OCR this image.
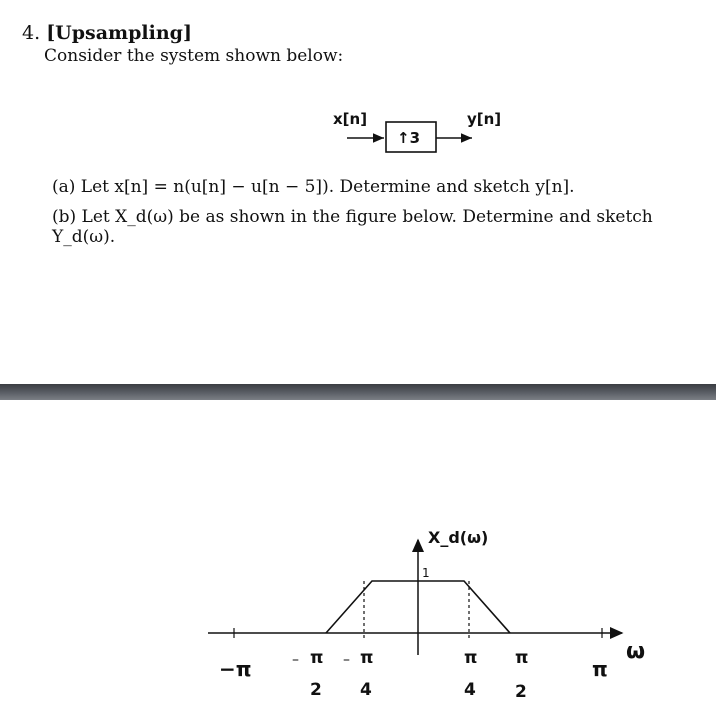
4. [Upsampling]
Consider the system shown below:
x[n]
↑3
y[n]
(a) Let x[n] = n(u[n] − u[n − 5]). Determine and sketch y[n].
(b) Let X_d(ω) be as shown in the figure below. Determine and sketch Y_d(ω).
X_d(ω)
1
ω
−π	– π
2
– π
4
π
4
π
2
π
